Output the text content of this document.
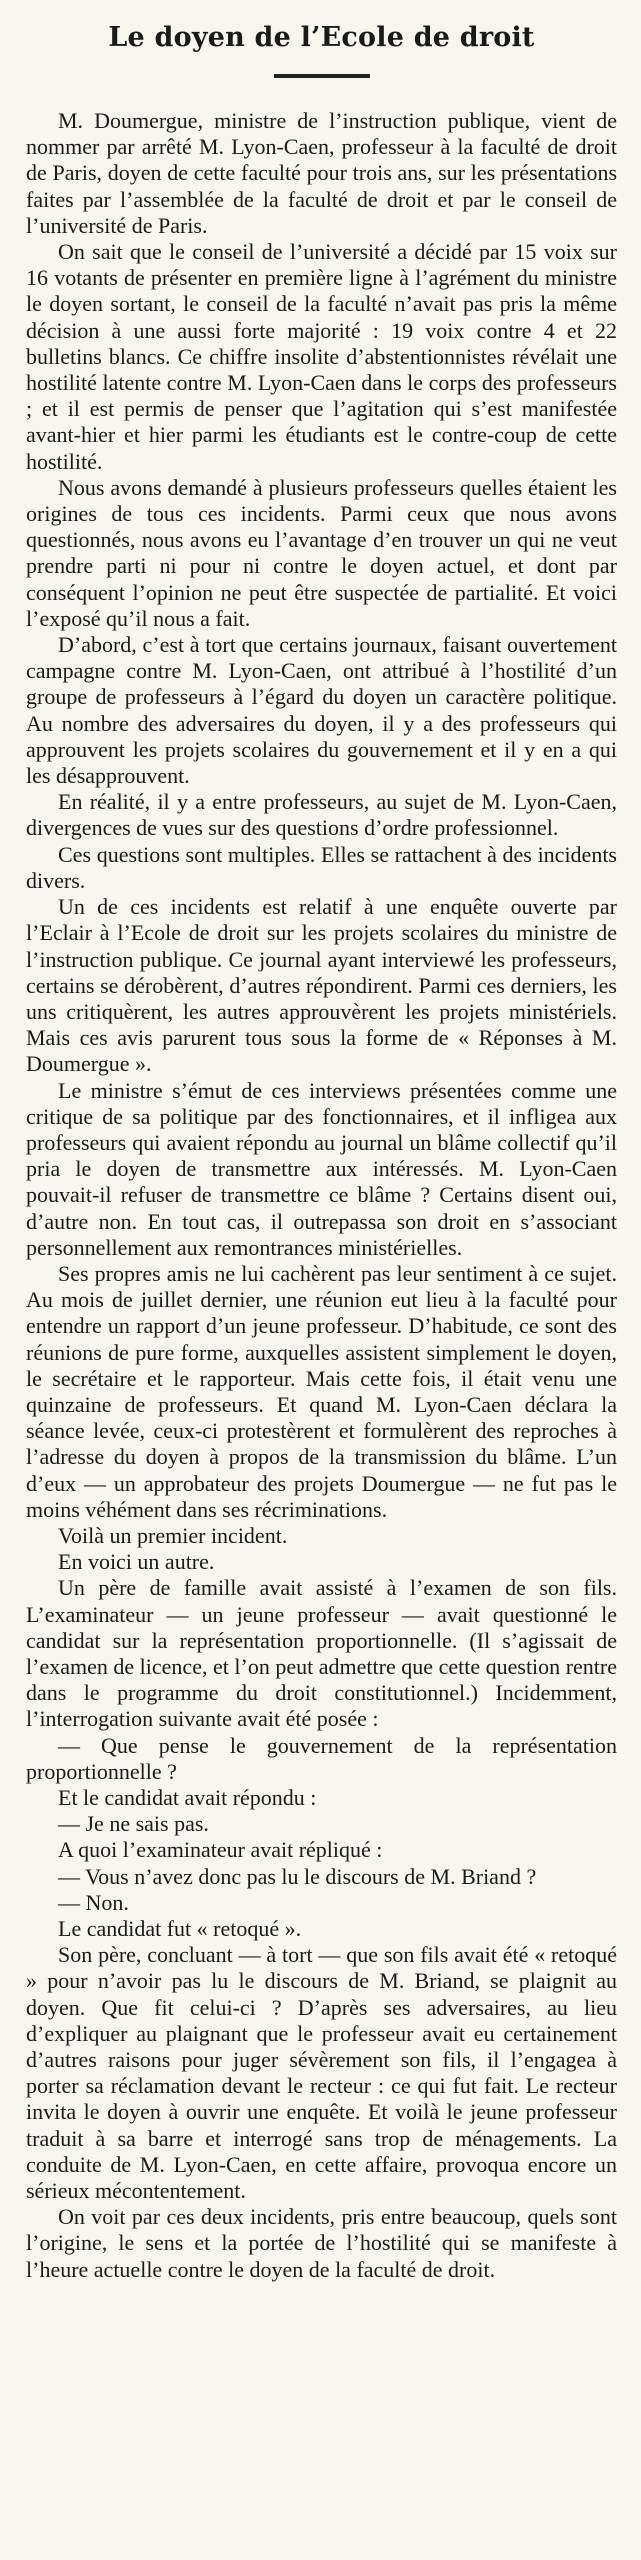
Le doyen de l’Ecole de droit

M. Doumergue, ministre de l’instruction publique, vient de nommer par arrêté M. Lyon-Caen, professeur à la faculté de droit de Paris, doyen de cette faculté pour trois ans, sur les présentations faites par l’assemblée de la faculté de droit et par le conseil de l’université de Paris.

On sait que le conseil de l’université a décidé par 15 voix sur 16 votants de présenter en première ligne à l’agrément du ministre le doyen sortant, le conseil de la faculté n’avait pas pris la même décision à une aussi forte majorité : 19 voix contre 4 et 22 bulletins blancs. Ce chiffre insolite d’abstentionnistes révélait une hostilité latente contre M. Lyon-Caen dans le corps des professeurs ; et il est permis de penser que l’agitation qui s’est manifestée avant-hier et hier parmi les étudiants est le contre-coup de cette hostilité.

Nous avons demandé à plusieurs professeurs quelles étaient les origines de tous ces incidents. Parmi ceux que nous avons questionnés, nous avons eu l’avantage d’en trouver un qui ne veut prendre parti ni pour ni contre le doyen actuel, et dont par conséquent l’opinion ne peut être suspectée de partialité. Et voici l’exposé qu’il nous a fait.

D’abord, c’est à tort que certains journaux, faisant ouvertement campagne contre M. Lyon-Caen, ont attribué à l’hostilité d’un groupe de professeurs à l’égard du doyen un caractère politique. Au nombre des adversaires du doyen, il y a des professeurs qui approuvent les projets scolaires du gouvernement et il y en a qui les désapprouvent.

En réalité, il y a entre professeurs, au sujet de M. Lyon-Caen, divergences de vues sur des questions d’ordre professionnel.

Ces questions sont multiples. Elles se rattachent à des incidents divers.

Un de ces incidents est relatif à une enquête ouverte par l’Eclair à l’Ecole de droit sur les projets scolaires du ministre de l’instruction publique. Ce journal ayant interviewé les professeurs, certains se dérobèrent, d’autres répondirent. Parmi ces derniers, les uns critiquèrent, les autres approuvèrent les projets ministériels. Mais ces avis parurent tous sous la forme de « Réponses à M. Doumergue ».

Le ministre s’émut de ces interviews présentées comme une critique de sa politique par des fonctionnaires, et il infligea aux professeurs qui avaient répondu au journal un blâme collectif qu’il pria le doyen de transmettre aux intéressés. M. Lyon-Caen pouvait-il refuser de transmettre ce blâme ? Certains disent oui, d’autre non. En tout cas, il outrepassa son droit en s’associant personnellement aux remontrances ministérielles.

Ses propres amis ne lui cachèrent pas leur sentiment à ce sujet. Au mois de juillet dernier, une réunion eut lieu à la faculté pour entendre un rapport d’un jeune professeur. D’habitude, ce sont des réunions de pure forme, auxquelles assistent simplement le doyen, le secrétaire et le rapporteur. Mais cette fois, il était venu une quinzaine de professeurs. Et quand M. Lyon-Caen déclara la séance levée, ceux-ci protestèrent et formulèrent des reproches à l’adresse du doyen à propos de la transmission du blâme. L’un d’eux — un approbateur des projets Doumergue — ne fut pas le moins véhément dans ses récriminations.

Voilà un premier incident.

En voici un autre.

Un père de famille avait assisté à l’examen de son fils. L’examinateur — un jeune professeur — avait questionné le candidat sur la représentation proportionnelle. (Il s’agissait de l’examen de licence, et l’on peut admettre que cette question rentre dans le programme du droit constitutionnel.) Incidemment, l’interrogation suivante avait été posée :

— Que pense le gouvernement de la représentation proportionnelle ?

Et le candidat avait répondu :

— Je ne sais pas.

A quoi l’examinateur avait répliqué :

— Vous n’avez donc pas lu le discours de M. Briand ?

— Non.

Le candidat fut « retoqué ».

Son père, concluant — à tort — que son fils avait été « retoqué » pour n’avoir pas lu le discours de M. Briand, se plaignit au doyen. Que fit celui-ci ? D’après ses adversaires, au lieu d’expliquer au plaignant que le professeur avait eu certainement d’autres raisons pour juger sévèrement son fils, il l’engagea à porter sa réclamation devant le recteur : ce qui fut fait. Le recteur invita le doyen à ouvrir une enquête. Et voilà le jeune professeur traduit à sa barre et interrogé sans trop de ménagements. La conduite de M. Lyon-Caen, en cette affaire, provoqua encore un sérieux mécontentement.

On voit par ces deux incidents, pris entre beaucoup, quels sont l’origine, le sens et la portée de l’hostilité qui se manifeste à l’heure actuelle contre le doyen de la faculté de droit.
